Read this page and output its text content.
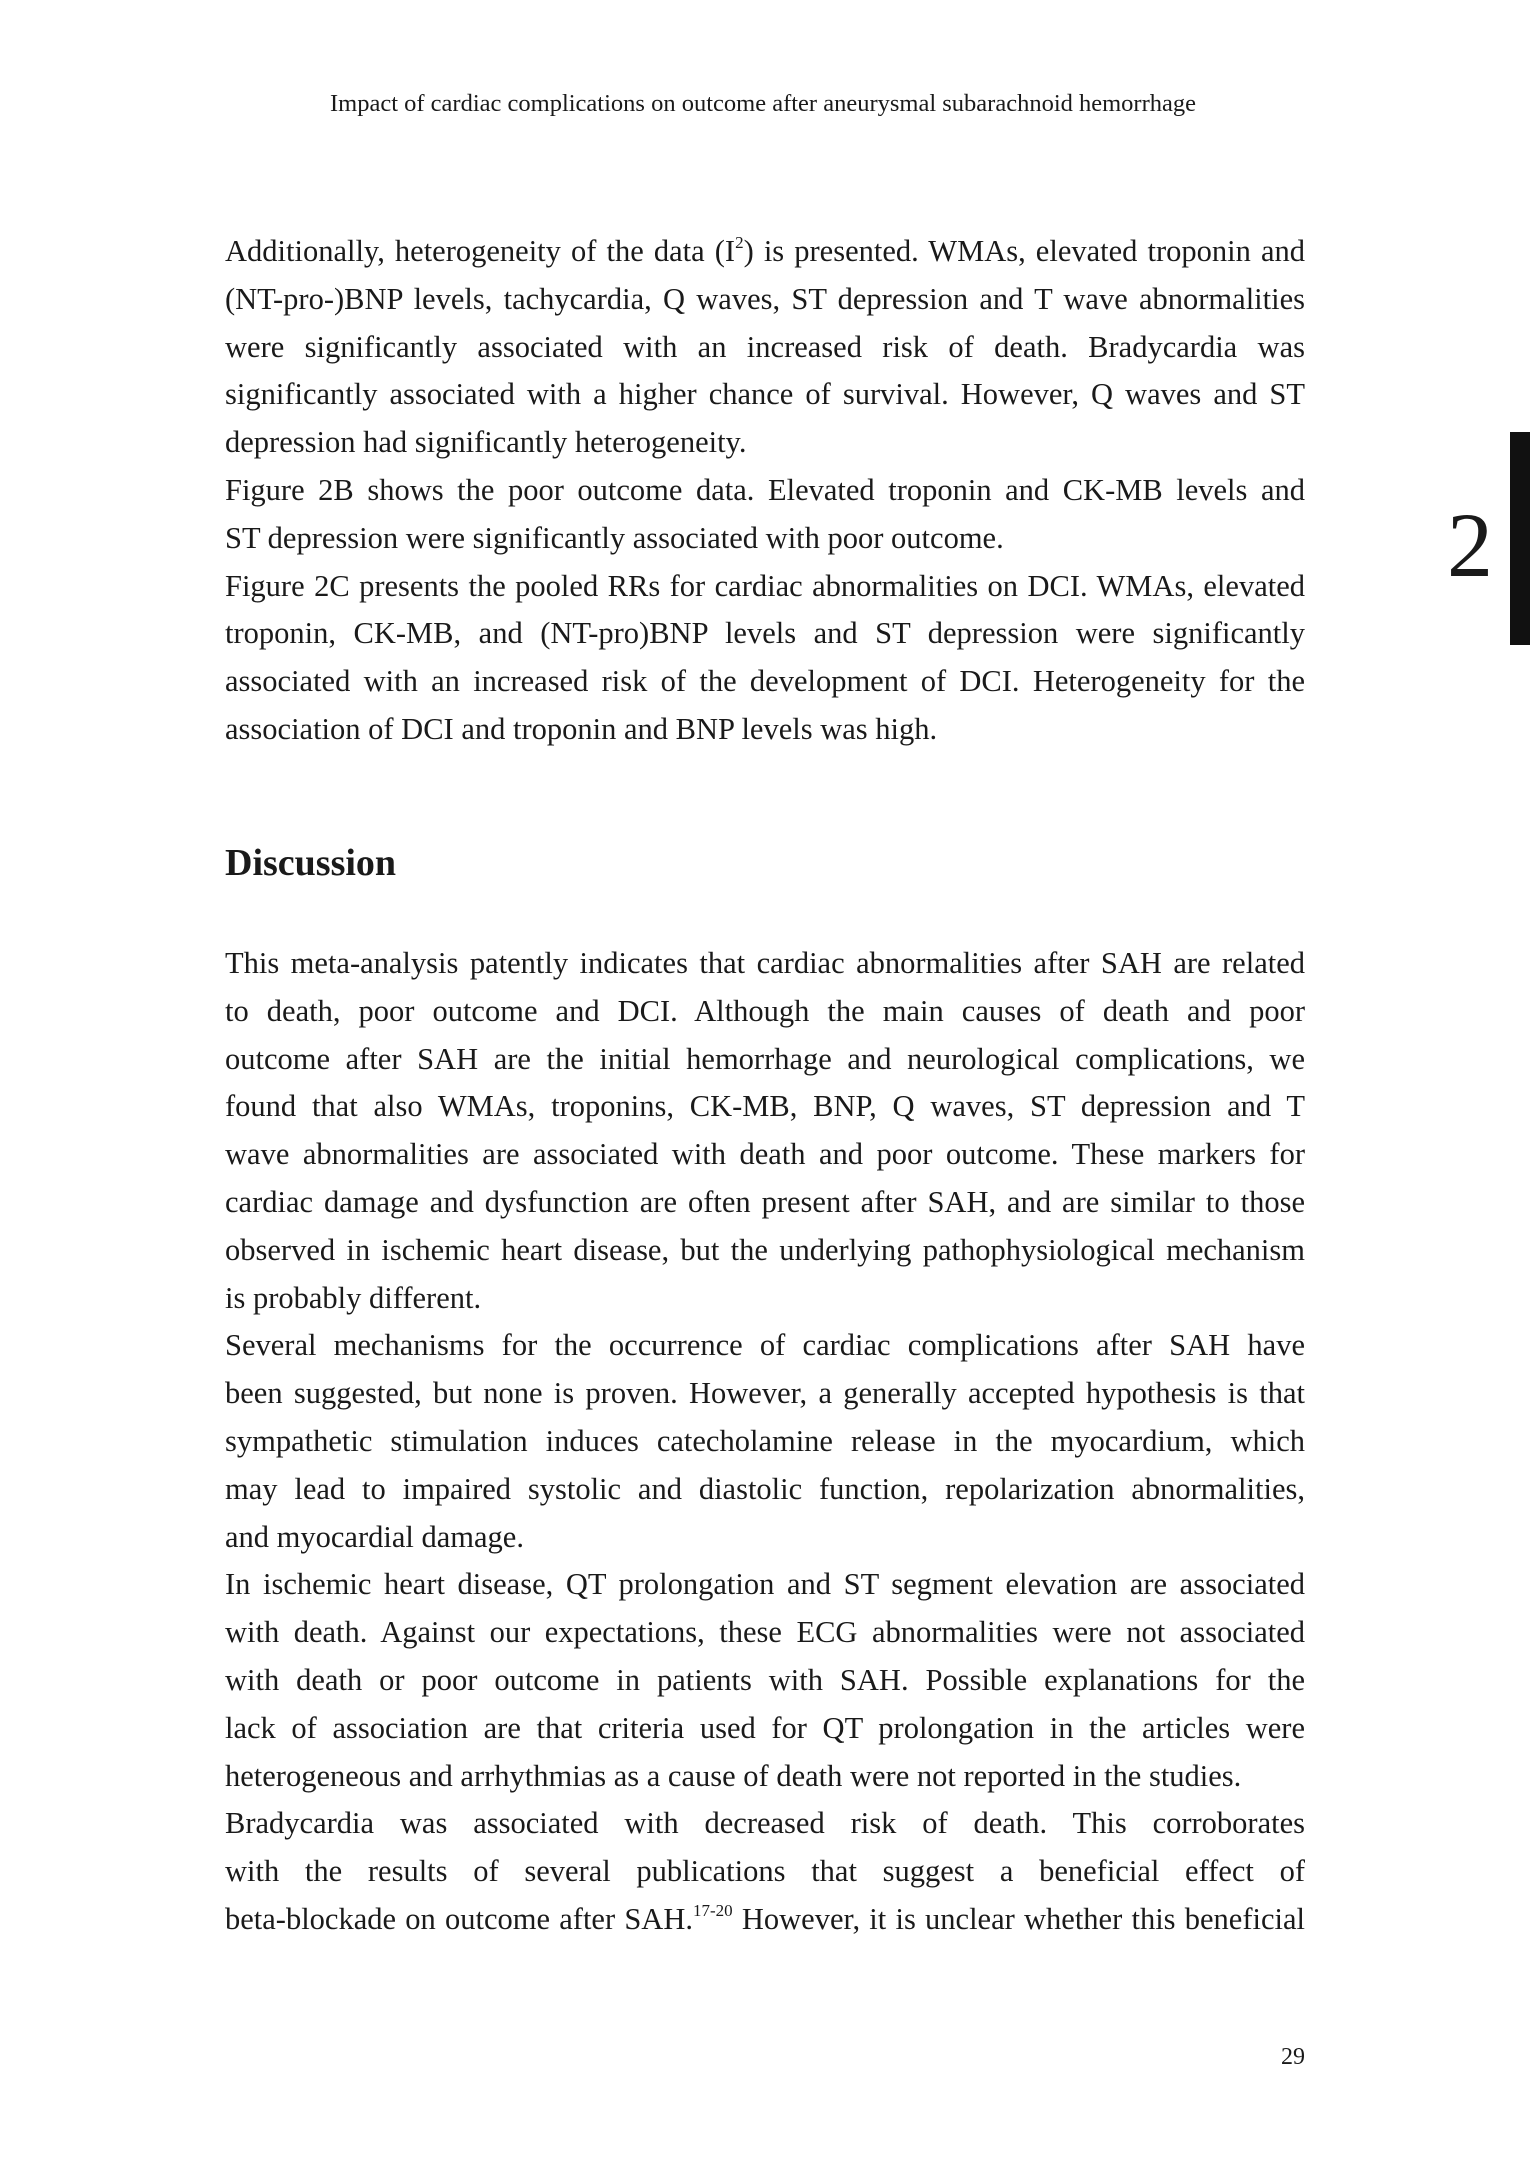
Impact of cardiac complications on outcome after aneurysmal subarachnoid hemorrhage
2
Additionally, heterogeneity of the data $(I^2)$ is presented. WMAs, elevated troponin and
(NT-pro-)BNP levels, tachycardia, Q waves, ST depression and T wave abnormalities
were significantly associated with an increased risk of death. Bradycardia was
significantly associated with a higher chance of survival. However, Q waves and ST
depression had significantly heterogeneity.
Figure 2B shows the poor outcome data. Elevated troponin and CK-MB levels and
ST depression were significantly associated with poor outcome.
Figure 2C presents the pooled RRs for cardiac abnormalities on DCI. WMAs, elevated
troponin, CK-MB, and (NT-pro)BNP levels and ST depression were significantly
associated with an increased risk of the development of DCI. Heterogeneity for the
association of DCI and troponin and BNP levels was high.
Discussion
This meta-analysis patently indicates that cardiac abnormalities after SAH are related
to death, poor outcome and DCI. Although the main causes of death and poor
outcome after SAH are the initial hemorrhage and neurological complications, we
found that also WMAs, troponins, CK-MB, BNP, Q waves, ST depression and T
wave abnormalities are associated with death and poor outcome. These markers for
cardiac damage and dysfunction are often present after SAH, and are similar to those
observed in ischemic heart disease, but the underlying pathophysiological mechanism
is probably different.
Several mechanisms for the occurrence of cardiac complications after SAH have
been suggested, but none is proven. However, a generally accepted hypothesis is that
sympathetic stimulation induces catecholamine release in the myocardium, which
may lead to impaired systolic and diastolic function, repolarization abnormalities,
and myocardial damage.
In ischemic heart disease, QT prolongation and ST segment elevation are associated
with death. Against our expectations, these ECG abnormalities were not associated
with death or poor outcome in patients with SAH. Possible explanations for the
lack of association are that criteria used for QT prolongation in the articles were
heterogeneous and arrhythmias as a cause of death were not reported in the studies.
Bradycardia was associated with decreased risk of death. This corroborates
with the results of several publications that suggest a beneficial effect of
beta-blockade on outcome after SAH.$^{17-20}$ However, it is unclear whether this beneficial
29
